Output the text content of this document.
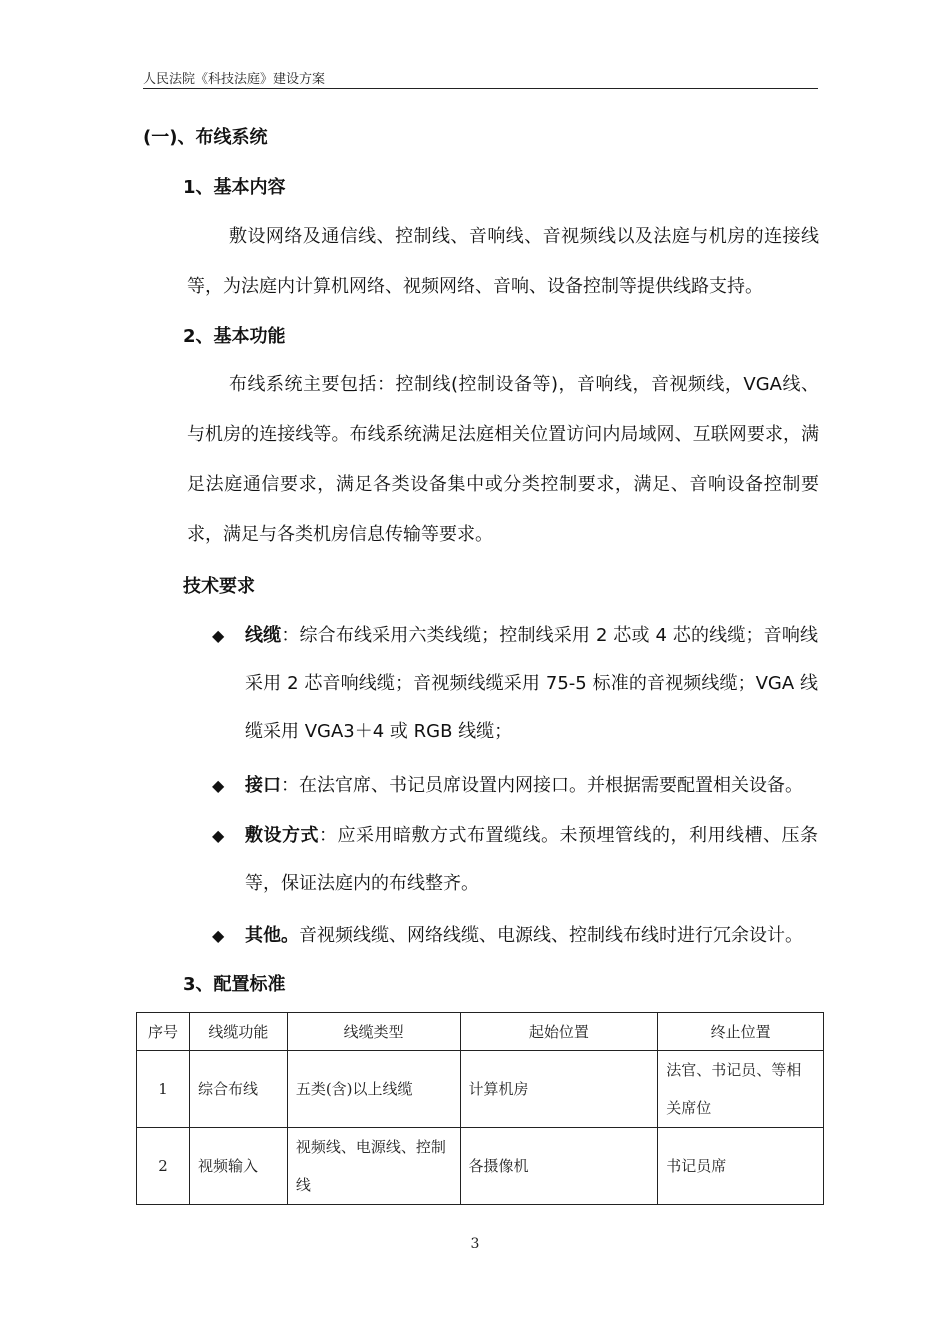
人民法院《科技法庭》建设方案
(一)、布线系统
1、基本内容
敷设网络及通信线、控制线、音响线、音视频线以及法庭与机房的连接线等，为法庭内计算机网络、视频网络、音响、设备控制等提供线路支持。
2、基本功能
布线系统主要包括：控制线(控制设备等)，音响线，音视频线，VGA线、与机房的连接线等。布线系统满足法庭相关位置访问内局域网、互联网要求，满足法庭通信要求，满足各类设备集中或分类控制要求，满足、音响设备控制要求，满足与各类机房信息传输等要求。
技术要求
◆ 线缆：综合布线采用六类线缆；控制线采用 2 芯或 4 芯的线缆；音响线采用 2 芯音响线缆；音视频线缆采用 75-5 标准的音视频线缆；VGA 线缆采用 VGA3＋4 或 RGB 线缆；
◆ 接口：在法官席、书记员席设置内网接口。并根据需要配置相关设备。
◆ 敷设方式：应采用暗敷方式布置缆线。未预埋管线的，利用线槽、压条等，保证法庭内的布线整齐。
◆ 其他。音视频线缆、网络线缆、电源线、控制线布线时进行冗余设计。
3、配置标准
序号	线缆功能	线缆类型	起始位置	终止位置
1	综合布线	五类(含)以上线缆	计算机房	法官、书记员、等相关席位
2	视频输入	视频线、电源线、控制线	各摄像机	书记员席
3
